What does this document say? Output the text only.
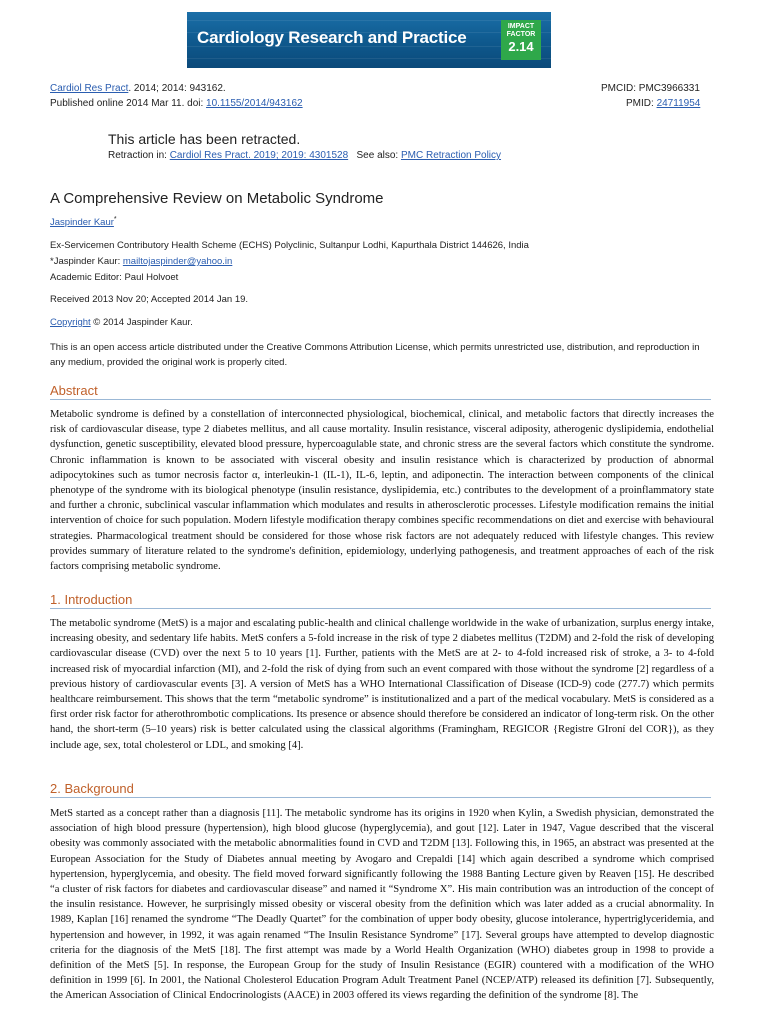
Cardiology Research and Practice
IMPACT
FACTOR
2.14
Cardiol Res Pract. 2014; 2014: 943162.
Published online 2014 Mar 11. doi: 10.1155/2014/943162
PMCID: PMC3966331
PMID: 24711954
This article has been retracted.
Retraction in: Cardiol Res Pract. 2019; 2019: 4301528 See also: PMC Retraction Policy
A Comprehensive Review on Metabolic Syndrome
Jaspinder Kaur*
Ex-Servicemen Contributory Health Scheme (ECHS) Polyclinic, Sultanpur Lodhi, Kapurthala District 144626, India
*Jaspinder Kaur: mailtojaspinder@yahoo.in
Academic Editor: Paul Holvoet
Received 2013 Nov 20; Accepted 2014 Jan 19.
Copyright © 2014 Jaspinder Kaur.
This is an open access article distributed under the Creative Commons Attribution License, which permits unrestricted use, distribution, and reproduction in any medium, provided the original work is properly cited.
Abstract

Metabolic syndrome is defined by a constellation of interconnected physiological, biochemical, clinical, and metabolic factors that directly increases the risk of cardiovascular disease, type 2 diabetes mellitus, and all cause mortality. Insulin resistance, visceral adiposity, atherogenic dyslipidemia, endothelial dysfunction, genetic susceptibility, elevated blood pressure, hypercoagulable state, and chronic stress are the several factors which constitute the syndrome. Chronic inflammation is known to be associated with visceral obesity and insulin resistance which is characterized by production of abnormal adipocytokines such as tumor necrosis factor α, interleukin-1 (IL-1), IL-6, leptin, and adiponectin. The interaction between components of the clinical phenotype of the syndrome with its biological phenotype (insulin resistance, dyslipidemia, etc.) contributes to the development of a proinflammatory state and further a chronic, subclinical vascular inflammation which modulates and results in atherosclerotic processes. Lifestyle modification remains the initial intervention of choice for such population. Modern lifestyle modification therapy combines specific recommendations on diet and exercise with behavioural strategies. Pharmacological treatment should be considered for those whose risk factors are not adequately reduced with lifestyle changes. This review provides summary of literature related to the syndrome's definition, epidemiology, underlying pathogenesis, and treatment approaches of each of the risk factors comprising metabolic syndrome.

1. Introduction

The metabolic syndrome (MetS) is a major and escalating public-health and clinical challenge worldwide in the wake of urbanization, surplus energy intake, increasing obesity, and sedentary life habits. MetS confers a 5-fold increase in the risk of type 2 diabetes mellitus (T2DM) and 2-fold the risk of developing cardiovascular disease (CVD) over the next 5 to 10 years [1]. Further, patients with the MetS are at 2- to 4-fold increased risk of stroke, a 3- to 4-fold increased risk of myocardial infarction (MI), and 2-fold the risk of dying from such an event compared with those without the syndrome [2] regardless of a previous history of cardiovascular events [3]. A version of MetS has a WHO International Classification of Disease (ICD-9) code (277.7) which permits healthcare reimbursement. This shows that the term “metabolic syndrome” is institutionalized and a part of the medical vocabulary. MetS is considered as a first order risk factor for atherothrombotic complications. Its presence or absence should therefore be considered an indicator of long-term risk. On the other hand, the short-term (5–10 years) risk is better calculated using the classical algorithms (Framingham, REGICOR {Registre GIroní del COR}), as they include age, sex, total cholesterol or LDL, and smoking [4].

2. Background

MetS started as a concept rather than a diagnosis [11]. The metabolic syndrome has its origins in 1920 when Kylin, a Swedish physician, demonstrated the association of high blood pressure (hypertension), high blood glucose (hyperglycemia), and gout [12]. Later in 1947, Vague described that the visceral obesity was commonly associated with the metabolic abnormalities found in CVD and T2DM [13]. Following this, in 1965, an abstract was presented at the European Association for the Study of Diabetes annual meeting by Avogaro and Crepaldi [14] which again described a syndrome which comprised hypertension, hyperglycemia, and obesity. The field moved forward significantly following the 1988 Banting Lecture given by Reaven [15]. He described “a cluster of risk factors for diabetes and cardiovascular disease” and named it “Syndrome X”. His main contribution was an introduction of the concept of the insulin resistance. However, he surprisingly missed obesity or visceral obesity from the definition which was later added as a crucial abnormality. In 1989, Kaplan [16] renamed the syndrome “The Deadly Quartet” for the combination of upper body obesity, glucose intolerance, hypertriglyceridemia, and hypertension and however, in 1992, it was again renamed “The Insulin Resistance Syndrome” [17]. Several groups have attempted to develop diagnostic criteria for the diagnosis of the MetS [18]. The first attempt was made by a World Health Organization (WHO) diabetes group in 1998 to provide a definition of the MetS [5]. In response, the European Group for the study of Insulin Resistance (EGIR) countered with a modification of the WHO definition in 1999 [6]. In 2001, the National Cholesterol Education Program Adult Treatment Panel (NCEP/ATP) released its definition [7]. Subsequently, the American Association of Clinical Endocrinologists (AACE) in 2003 offered its views regarding the definition of the syndrome [8]. The
